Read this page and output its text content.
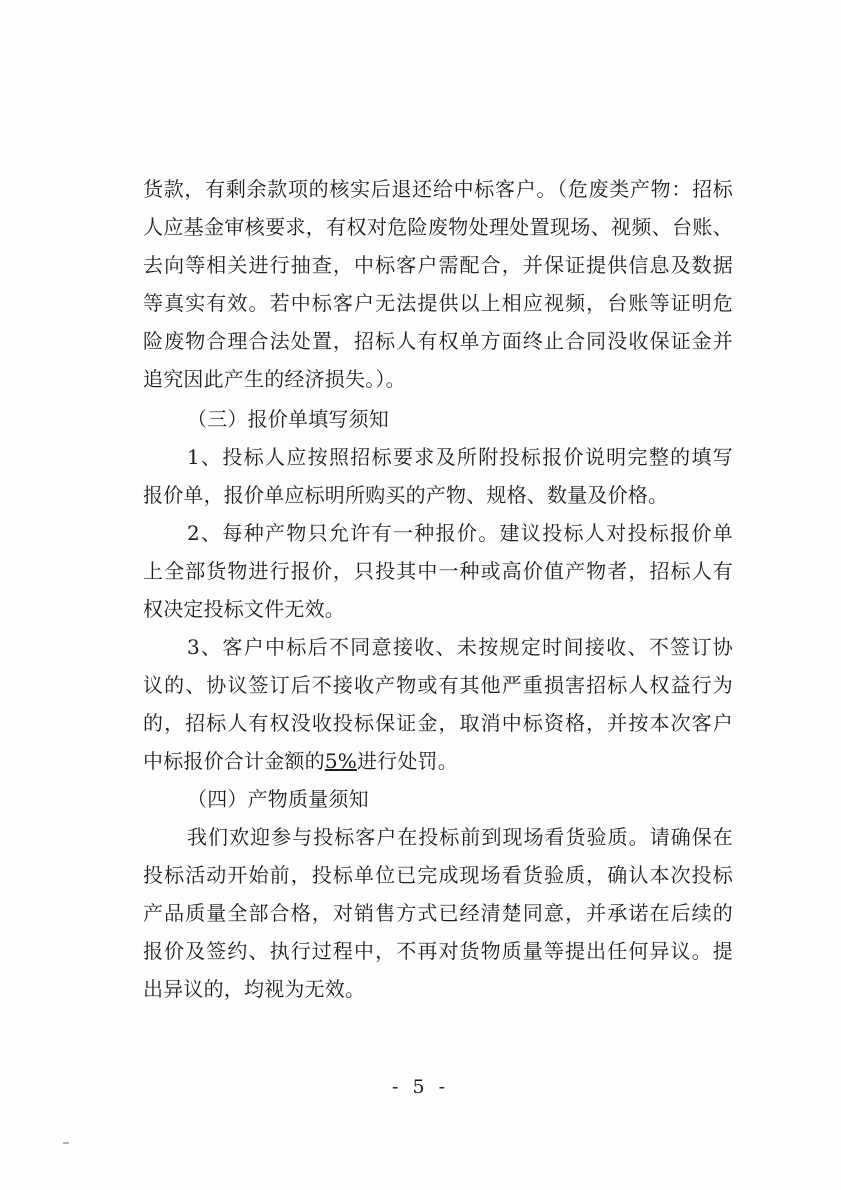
货款，有剩余款项的核实后退还给中标客户。（危废类产物：招标
人应基金审核要求，有权对危险废物处理处置现场、视频、台账、
去向等相关进行抽查，中标客户需配合，并保证提供信息及数据
等真实有效。若中标客户无法提供以上相应视频，台账等证明危
险废物合理合法处置，招标人有权单方面终止合同没收保证金并
追究因此产生的经济损失。）。
（三）报价单填写须知
1、投标人应按照招标要求及所附投标报价说明完整的填写
报价单，报价单应标明所购买的产物、规格、数量及价格。
2、每种产物只允许有一种报价。建议投标人对投标报价单
上全部货物进行报价，只投其中一种或高价值产物者，招标人有
权决定投标文件无效。
3、客户中标后不同意接收、未按规定时间接收、不签订协
议的、协议签订后不接收产物或有其他严重损害招标人权益行为
的，招标人有权没收投标保证金，取消中标资格，并按本次客户
中标报价合计金额的5%进行处罚。
（四）产物质量须知
我们欢迎参与投标客户在投标前到现场看货验质。请确保在
投标活动开始前，投标单位已完成现场看货验质，确认本次投标
产品质量全部合格，对销售方式已经清楚同意，并承诺在后续的
报价及签约、执行过程中，不再对货物质量等提出任何异议。提
出异议的，均视为无效。
- 5 -
